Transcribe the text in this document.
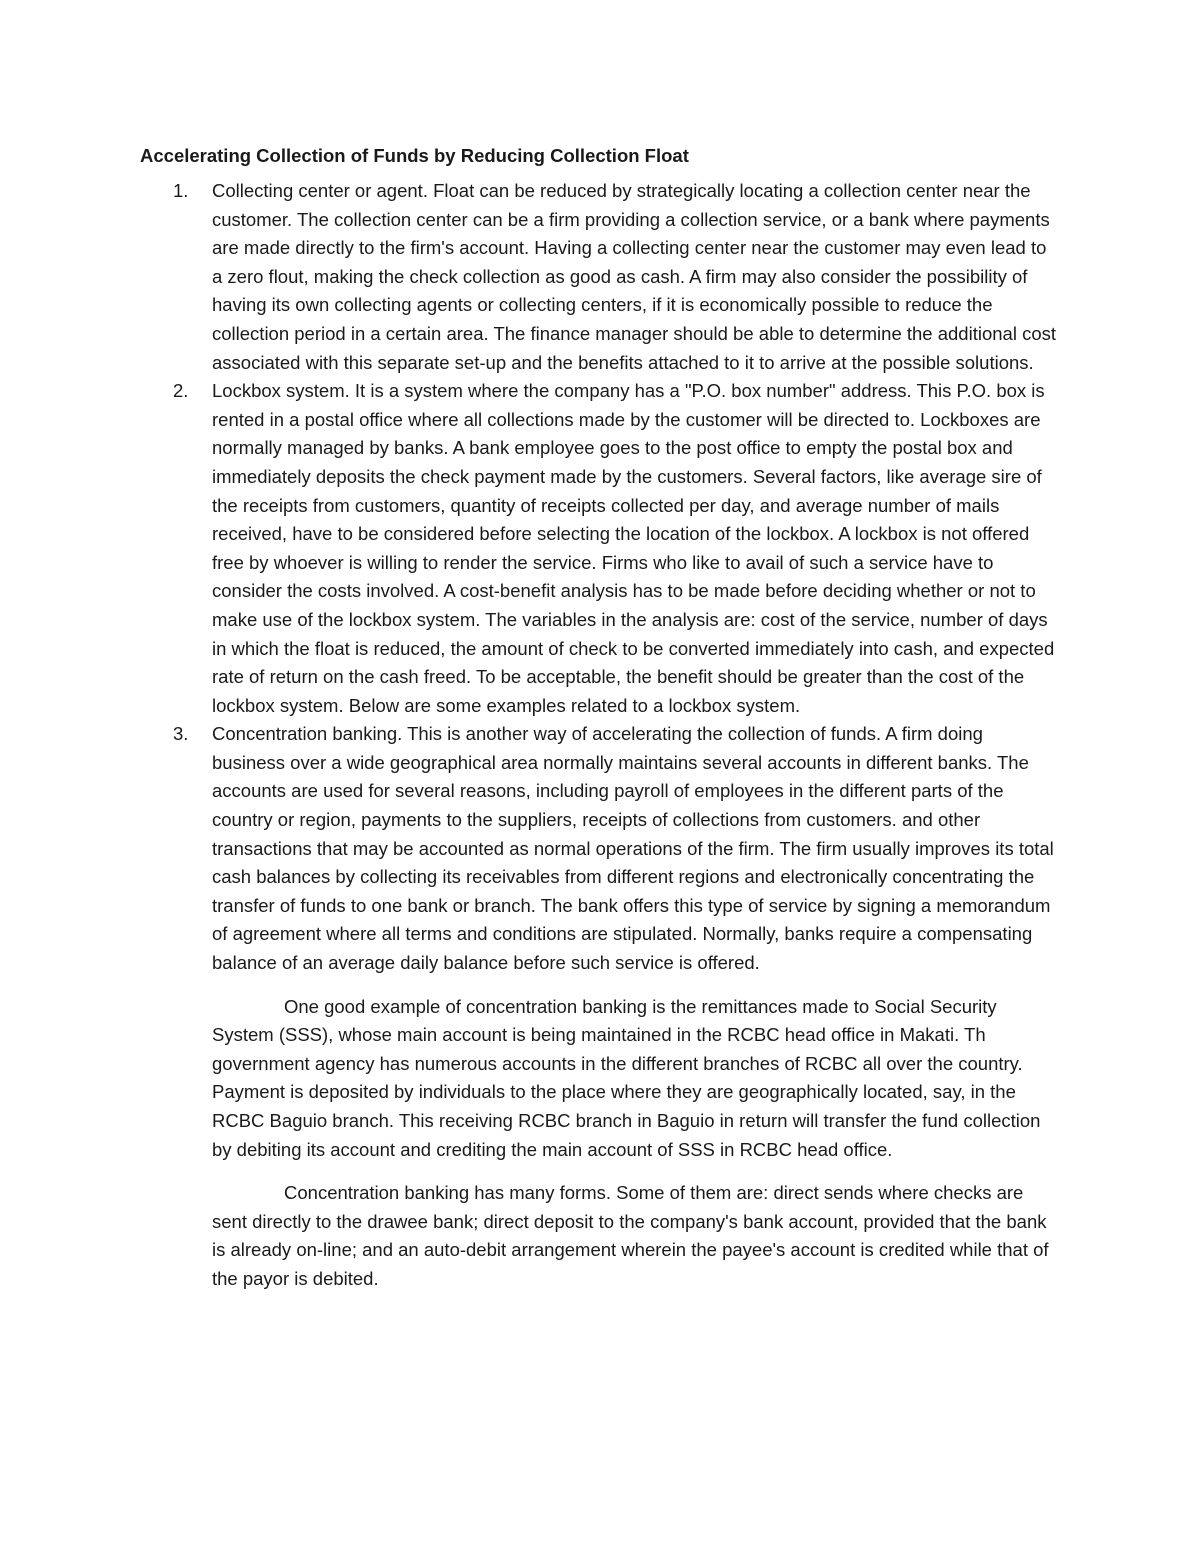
Accelerating Collection of Funds by Reducing Collection Float
1. Collecting center or agent. Float can be reduced by strategically locating a collection center near the customer. The collection center can be a firm providing a collection service, or a bank where payments are made directly to the firm's account. Having a collecting center near the customer may even lead to a zero flout, making the check collection as good as cash. A firm may also consider the possibility of having its own collecting agents or collecting centers, if it is economically possible to reduce the collection period in a certain area. The finance manager should be able to determine the additional cost associated with this separate set-up and the benefits attached to it to arrive at the possible solutions.
2. Lockbox system. It is a system where the company has a "P.O. box number" address. This P.O. box is rented in a postal office where all collections made by the customer will be directed to. Lockboxes are normally managed by banks. A bank employee goes to the post office to empty the postal box and immediately deposits the check payment made by the customers. Several factors, like average sire of the receipts from customers, quantity of receipts collected per day, and average number of mails received, have to be considered before selecting the location of the lockbox. A lockbox is not offered free by whoever is willing to render the service. Firms who like to avail of such a service have to consider the costs involved. A cost-benefit analysis has to be made before deciding whether or not to make use of the lockbox system. The variables in the analysis are: cost of the service, number of days in which the float is reduced, the amount of check to be converted immediately into cash, and expected rate of return on the cash freed. To be acceptable, the benefit should be greater than the cost of the lockbox system. Below are some examples related to a lockbox system.
3. Concentration banking. This is another way of accelerating the collection of funds. A firm doing business over a wide geographical area normally maintains several accounts in different banks. The accounts are used for several reasons, including payroll of employees in the different parts of the country or region, payments to the suppliers, receipts of collections from customers. and other transactions that may be accounted as normal operations of the firm. The firm usually improves its total cash balances by collecting its receivables from different regions and electronically concentrating the transfer of funds to one bank or branch. The bank offers this type of service by signing a memorandum of agreement where all terms and conditions are stipulated. Normally, banks require a compensating balance of an average daily balance before such service is offered.

One good example of concentration banking is the remittances made to Social Security System (SSS), whose main account is being maintained in the RCBC head office in Makati. Th government agency has numerous accounts in the different branches of RCBC all over the country. Payment is deposited by individuals to the place where they are geographically located, say, in the RCBC Baguio branch. This receiving RCBC branch in Baguio in return will transfer the fund collection by debiting its account and crediting the main account of SSS in RCBC head office.

Concentration banking has many forms. Some of them are: direct sends where checks are sent directly to the drawee bank; direct deposit to the company's bank account, provided that the bank is already on-line; and an auto-debit arrangement wherein the payee's account is credited while that of the payor is debited.
